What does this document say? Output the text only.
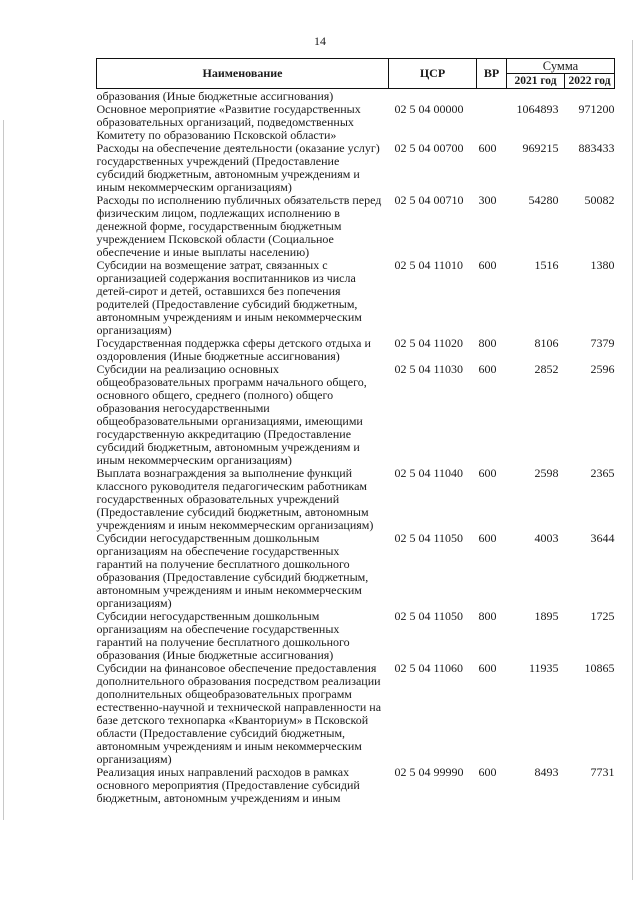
14
Наименование	ЦСР	ВР	Сумма	
			2021 год	2022 год
образования (Иные бюджетные ассигнования)				
Основное мероприятие «Развитие государственных образовательных организаций, подведомственных Комитету по образованию Псковской области»	02 5 04 00000		1064893	971200
Расходы на обеспечение деятельности (оказание услуг) государственных учреждений (Предоставление субсидий бюджетным, автономным учреждениям и иным некоммерческим организациям)	02 5 04 00700	600	969215	883433
Расходы по исполнению публичных обязательств перед физическим лицом, подлежащих исполнению в денежной форме, государственным бюджетным учреждением Псковской области (Социальное обеспечение и иные выплаты населению)	02 5 04 00710	300	54280	50082
Субсидии на возмещение затрат, связанных с организацией содержания воспитанников из числа детей-сирот и детей, оставшихся без попечения родителей (Предоставление субсидий бюджетным, автономным учреждениям и иным некоммерческим организациям)	02 5 04 11010	600	1516	1380
Государственная поддержка сферы детского отдыха и оздоровления (Иные бюджетные ассигнования)	02 5 04 11020	800	8106	7379
Субсидии на реализацию основных общеобразовательных программ начального общего, основного общего, среднего (полного) общего образования негосударственными общеобразовательными организациями, имеющими государственную аккредитацию (Предоставление субсидий бюджетным, автономным учреждениям и иным некоммерческим организациям)	02 5 04 11030	600	2852	2596
Выплата вознаграждения за выполнение функций классного руководителя педагогическим работникам государственных образовательных учреждений (Предоставление субсидий бюджетным, автономным учреждениям и иным некоммерческим организациям)	02 5 04 11040	600	2598	2365
Субсидии негосударственным дошкольным организациям на обеспечение государственных гарантий на получение бесплатного дошкольного образования (Предоставление субсидий бюджетным, автономным учреждениям и иным некоммерческим организациям)	02 5 04 11050	600	4003	3644
Субсидии негосударственным дошкольным организациям на обеспечение государственных гарантий на получение бесплатного дошкольного образования (Иные бюджетные ассигнования)	02 5 04 11050	800	1895	1725
Субсидии на финансовое обеспечение предоставления дополнительного образования посредством реализации дополнительных общеобразовательных программ естественно-научной и технической направленности на базе детского технопарка «Кванториум» в Псковской области (Предоставление субсидий бюджетным, автономным учреждениям и иным некоммерческим организациям)	02 5 04 11060	600	11935	10865
Реализация иных направлений расходов в рамках основного мероприятия (Предоставление субсидий бюджетным, автономным учреждениям и иным	02 5 04 99990	600	8493	7731
